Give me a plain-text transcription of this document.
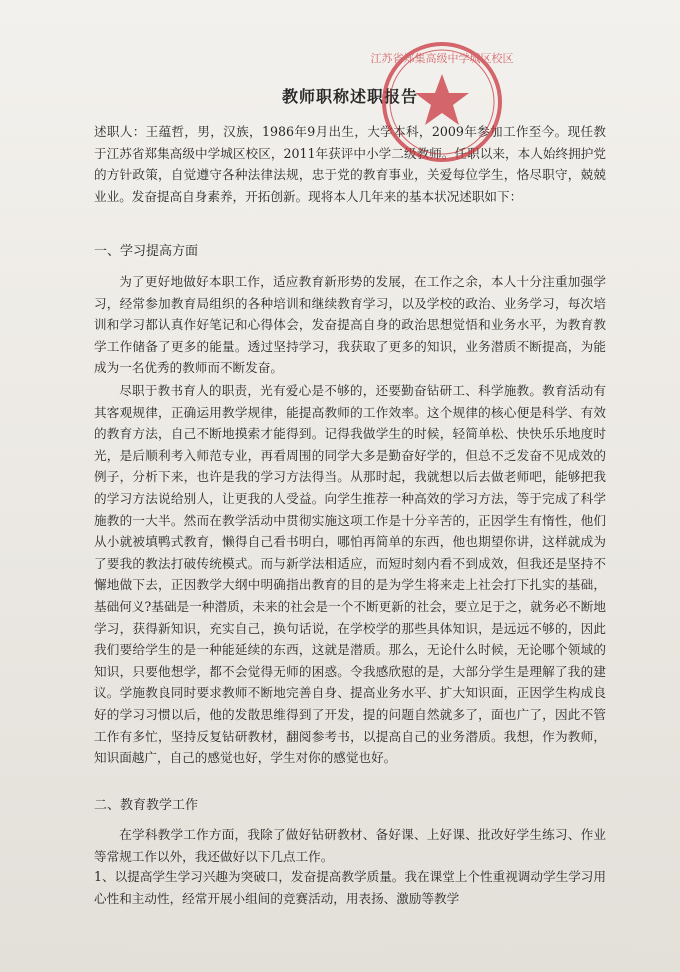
教师职称述职报告
述职人：王蕴哲，男，汉族，1986年9月出生，大学本科，2009年参加工作至今。现任教于江苏省郑集高级中学城区校区，2011年获评中小学二级教师。任职以来，本人始终拥护党的方针政策，自觉遵守各种法律法规，忠于党的教育事业，关爱每位学生，恪尽职守，兢兢业业。发奋提高自身素养，开拓创新。现将本人几年来的基本状况述职如下：
一、学习提高方面
为了更好地做好本职工作，适应教育新形势的发展，在工作之余，本人十分注重加强学习，经常参加教育局组织的各种培训和继续教育学习，以及学校的政治、业务学习，每次培训和学习都认真作好笔记和心得体会，发奋提高自身的政治思想觉悟和业务水平，为教育教学工作储备了更多的能量。透过坚持学习，我获取了更多的知识，业务潜质不断提高，为能成为一名优秀的教师而不断发奋。
尽职于教书育人的职责，光有爱心是不够的，还要勤奋钻研工、科学施教。教育活动有其客观规律，正确运用教学规律，能提高教师的工作效率。这个规律的核心便是科学、有效的教育方法，自己不断地摸索才能得到。记得我做学生的时候，轻简单松、快快乐乐地度时光，是后顺利考入师范专业，再看周围的同学大多是勤奋好学的，但总不乏发奋不见成效的例子，分析下来，也许是我的学习方法得当。从那时起，我就想以后去做老师吧，能够把我的学习方法说给别人，让更我的人受益。向学生推荐一种高效的学习方法，等于完成了科学施教的一大半。然而在教学活动中贯彻实施这项工作是十分辛苦的，正因学生有惰性，他们从小就被填鸭式教育，懒得自己看书明白，哪怕再简单的东西，他也期望你讲，这样就成为了要我的教法打破传统模式。而与新学法相适应，而短时刻内看不到成效，但我还是坚持不懈地做下去，正因教学大纲中明确指出教育的目的是为学生将来走上社会打下扎实的基础，基础何义?基础是一种潜质，未来的社会是一个不断更新的社会，要立足于之，就务必不断地学习，获得新知识，充实自己，换句话说，在学校学的那些具体知识，是远远不够的，因此我们要给学生的是一种能延续的东西，这就是潜质。那么，无论什么时候，无论哪个领域的知识，只要他想学，都不会觉得无师的困惑。令我感欣慰的是，大部分学生是理解了我的建议。学施教良同时要求教师不断地完善自身、提高业务水平、扩大知识面，正因学生构成良好的学习习惯以后，他的发散思维得到了开发，提的问题自然就多了，面也广了，因此不管工作有多忙，坚持反复钻研教材，翻阅参考书，以提高自己的业务潜质。我想，作为教师，知识面越广，自己的感觉也好，学生对你的感觉也好。
二、教育教学工作
在学科教学工作方面，我除了做好钻研教材、备好课、上好课、批改好学生练习、作业等常规工作以外，我还做好以下几点工作。
1、以提高学生学习兴趣为突破口，发奋提高教学质量。我在课堂上个性重视调动学生学习用心性和主动性，经常开展小组间的竞赛活动，用表扬、激励等教学
江苏省郑集高级中学城区校区
